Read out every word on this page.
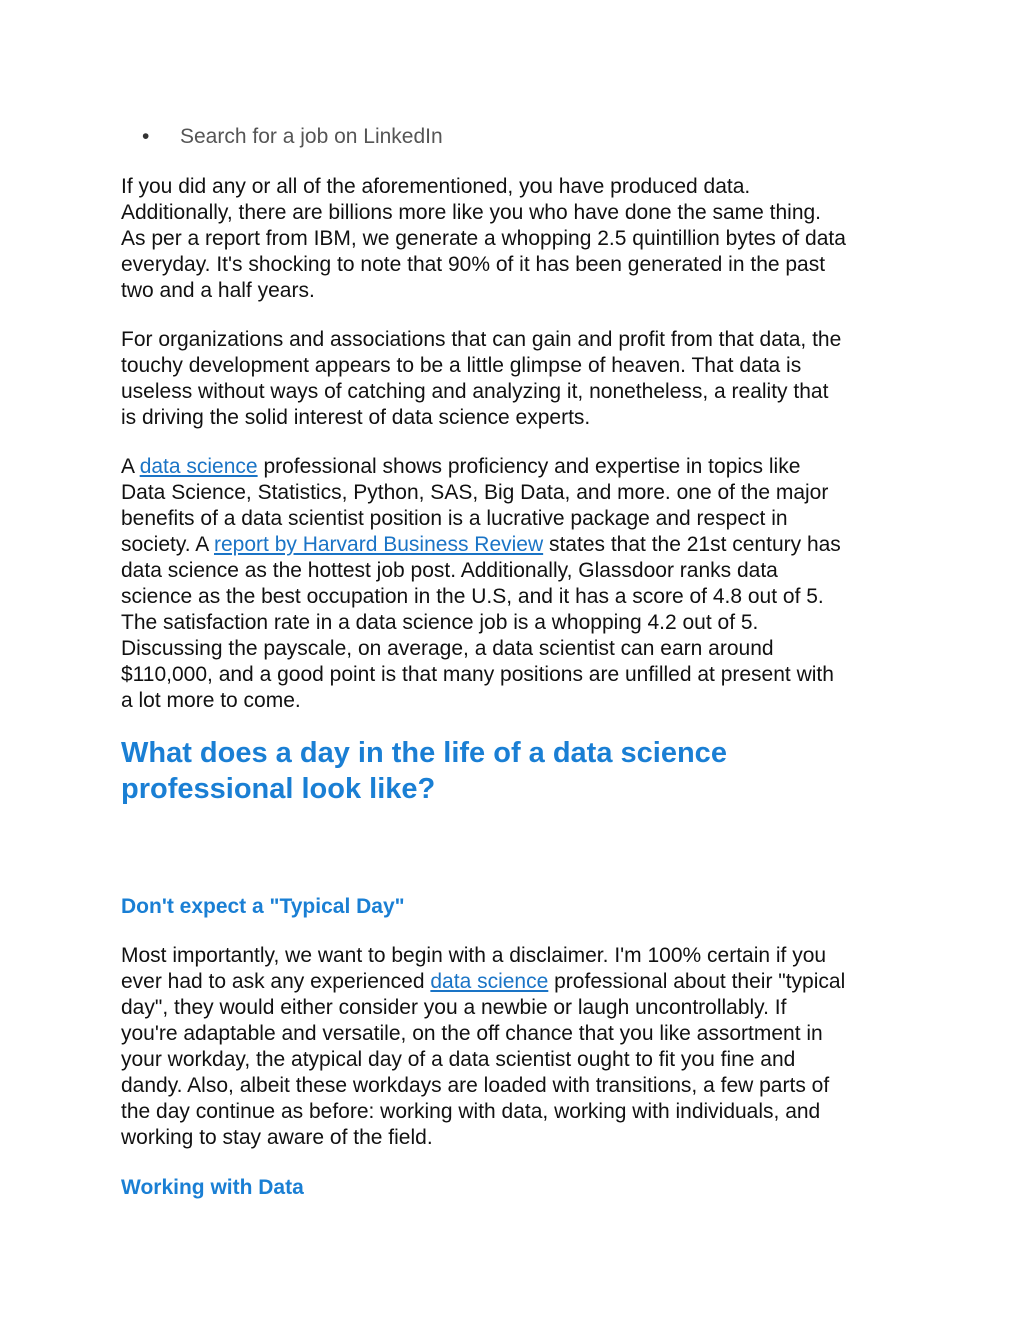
• Search for a job on LinkedIn

If you did any or all of the aforementioned, you have produced data.
Additionally, there are billions more like you who have done the same thing.
As per a report from IBM, we generate a whopping 2.5 quintillion bytes of data
everyday. It's shocking to note that 90% of it has been generated in the past
two and a half years.

For organizations and associations that can gain and profit from that data, the
touchy development appears to be a little glimpse of heaven. That data is
useless without ways of catching and analyzing it, nonetheless, a reality that
is driving the solid interest of data science experts.

A data science professional shows proficiency and expertise in topics like
Data Science, Statistics, Python, SAS, Big Data, and more. one of the major
benefits of a data scientist position is a lucrative package and respect in
society. A report by Harvard Business Review states that the 21st century has
data science as the hottest job post. Additionally, Glassdoor ranks data
science as the best occupation in the U.S, and it has a score of 4.8 out of 5.
The satisfaction rate in a data science job is a whopping 4.2 out of 5.
Discussing the payscale, on average, a data scientist can earn around
$110,000, and a good point is that many positions are unfilled at present with
a lot more to come.

What does a day in the life of a data science
professional look like?
Don't expect a "Typical Day"

Most importantly, we want to begin with a disclaimer. I'm 100% certain if you
ever had to ask any experienced data science professional about their "typical
day", they would either consider you a newbie or laugh uncontrollably. If
you're adaptable and versatile, on the off chance that you like assortment in
your workday, the atypical day of a data scientist ought to fit you fine and
dandy. Also, albeit these workdays are loaded with transitions, a few parts of
the day continue as before: working with data, working with individuals, and
working to stay aware of the field.

Working with Data
